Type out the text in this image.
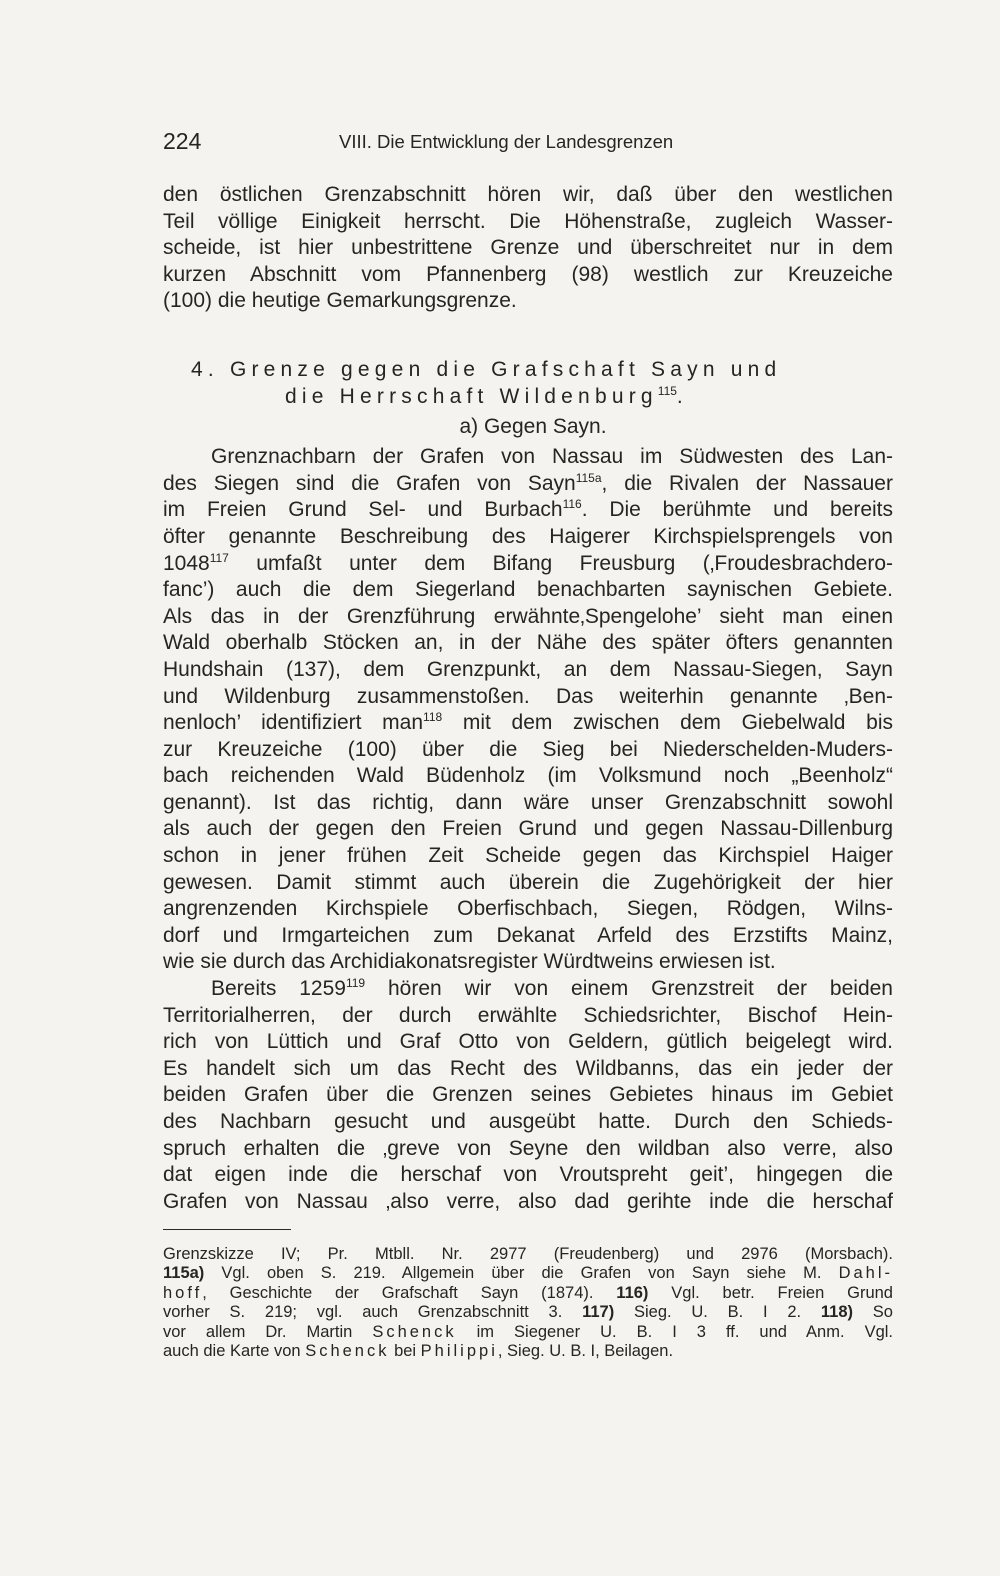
224	VIII. Die Entwicklung der Landesgrenzen
den östlichen Grenzabschnitt hören wir, daß über den westlichen
Teil völlige Einigkeit herrscht. Die Höhenstraße, zugleich Wasser-
scheide, ist hier unbestrittene Grenze und überschreitet nur in dem
kurzen Abschnitt vom Pfannenberg (98) westlich zur Kreuzeiche
(100) die heutige Gemarkungsgrenze.
4. Grenze gegen die Grafschaft Sayn und
die Herrschaft Wildenburg$^{115}$.
a) Gegen Sayn.
Grenznachbarn der Grafen von Nassau im Südwesten des Lan-
des Siegen sind die Grafen von Sayn$^{115a}$, die Rivalen der Nassauer
im Freien Grund Sel- und Burbach$^{116}$. Die berühmte und bereits
öfter genannte Beschreibung des Haigerer Kirchspielsprengels von
1048$^{117}$ umfaßt unter dem Bifang Freusburg (‚Froudesbrachdero-
fanc’) auch die dem Siegerland benachbarten saynischen Gebiete.
Als das in der Grenzführung erwähnte‚Spengelohe’ sieht man einen
Wald oberhalb Stöcken an, in der Nähe des später öfters genannten
Hundshain (137), dem Grenzpunkt, an dem Nassau-Siegen, Sayn
und Wildenburg zusammenstoßen. Das weiterhin genannte ‚Ben-
nenloch’ identifiziert man$^{118}$ mit dem zwischen dem Giebelwald bis
zur Kreuzeiche (100) über die Sieg bei Niederschelden-Muders-
bach reichenden Wald Büdenholz (im Volksmund noch „Beenholz“
genannt). Ist das richtig, dann wäre unser Grenzabschnitt sowohl
als auch der gegen den Freien Grund und gegen Nassau-Dillenburg
schon in jener frühen Zeit Scheide gegen das Kirchspiel Haiger
gewesen. Damit stimmt auch überein die Zugehörigkeit der hier
angrenzenden Kirchspiele Oberfischbach, Siegen, Rödgen, Wilns-
dorf und Irmgarteichen zum Dekanat Arfeld des Erzstifts Mainz,
wie sie durch das Archidiakonatsregister Würdtweins erwiesen ist.
Bereits 1259$^{119}$ hören wir von einem Grenzstreit der beiden
Territorialherren, der durch erwählte Schiedsrichter, Bischof Hein-
rich von Lüttich und Graf Otto von Geldern, gütlich beigelegt wird.
Es handelt sich um das Recht des Wildbanns, das ein jeder der
beiden Grafen über die Grenzen seines Gebietes hinaus im Gebiet
des Nachbarn gesucht und ausgeübt hatte. Durch den Schieds-
spruch erhalten die ‚greve von Seyne den wildban also verre, also
dat eigen inde die herschaf von Vroutspreht geit’, hingegen die
Grafen von Nassau ‚also verre, also dad gerihte inde die herschaf
Grenzskizze IV; Pr. Mtbll. Nr. 2977 (Freudenberg) und 2976 (Morsbach).
115a) Vgl. oben S. 219. Allgemein über die Grafen von Sayn siehe M. Dahl-
hoff, Geschichte der Grafschaft Sayn (1874). 116) Vgl. betr. Freien Grund
vorher S. 219; vgl. auch Grenzabschnitt 3. 117) Sieg. U. B. I 2. 118) So
vor allem Dr. Martin Schenck im Siegener U. B. I 3 ff. und Anm. Vgl.
auch die Karte von Schenck bei Philippi, Sieg. U. B. I, Beilagen.
